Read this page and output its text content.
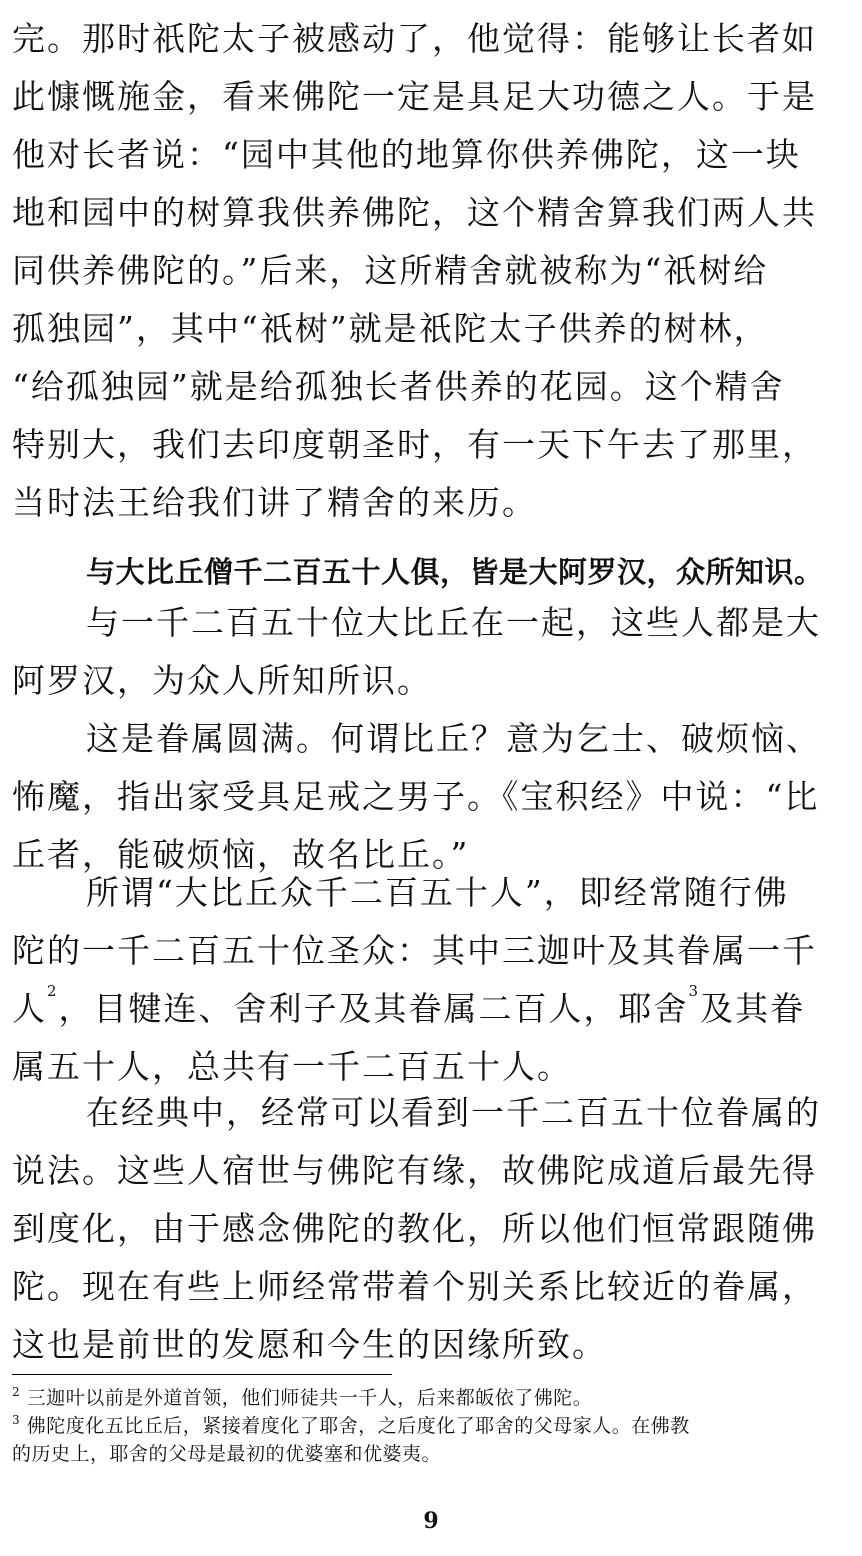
完。那时祇陀太子被感动了，他觉得：能够让长者如
此慷慨施金，看来佛陀一定是具足大功德之人。于是
他对长者说：“园中其他的地算你供养佛陀，这一块
地和园中的树算我供养佛陀，这个精舍算我们两人共
同供养佛陀的。”后来，这所精舍就被称为“祇树给
孤独园”，其中“祇树”就是祇陀太子供养的树林，
“给孤独园”就是给孤独长者供养的花园。这个精舍
特别大，我们去印度朝圣时，有一天下午去了那里，
当时法王给我们讲了精舍的来历。
与大比丘僧千二百五十人俱，皆是大阿罗汉，众所知识。
与一千二百五十位大比丘在一起，这些人都是大
阿罗汉，为众人所知所识。
这是眷属圆满。何谓比丘？意为乞士、破烦恼、
怖魔，指出家受具足戒之男子。《宝积经》中说：“比
丘者，能破烦恼，故名比丘。”
所谓“大比丘众千二百五十人”，即经常随行佛
陀的一千二百五十位圣众：其中三迦叶及其眷属一千
人$^2$，目犍连、舍利子及其眷属二百人，耶舍$^3$及其眷
属五十人，总共有一千二百五十人。
在经典中，经常可以看到一千二百五十位眷属的
说法。这些人宿世与佛陀有缘，故佛陀成道后最先得
到度化，由于感念佛陀的教化，所以他们恒常跟随佛
陀。现在有些上师经常带着个别关系比较近的眷属，
这也是前世的发愿和今生的因缘所致。
$^2$ 三迦叶以前是外道首领，他们师徒共一千人，后来都皈依了佛陀。
$^3$ 佛陀度化五比丘后，紧接着度化了耶舍，之后度化了耶舍的父母家人。在佛教
的历史上，耶舍的父母是最初的优婆塞和优婆夷。
9
